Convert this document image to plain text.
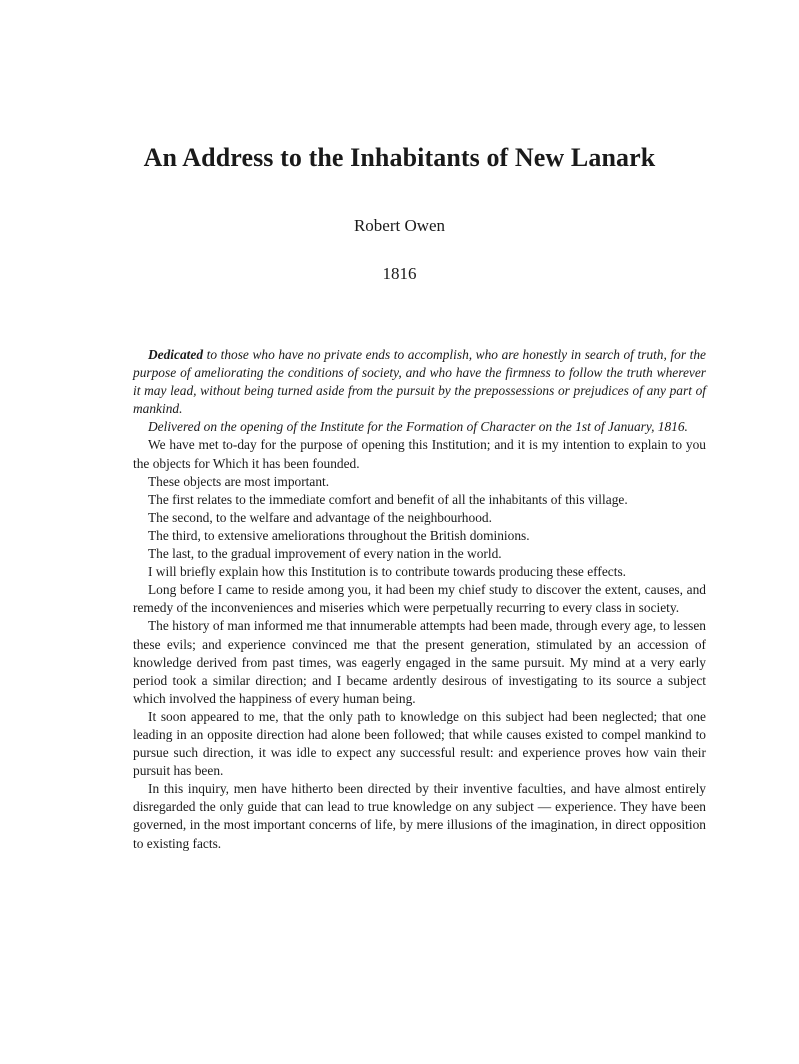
An Address to the Inhabitants of New Lanark
Robert Owen
1816

Dedicated to those who have no private ends to accomplish, who are honestly in search of truth, for the purpose of ameliorating the conditions of society, and who have the firmness to follow the truth wherever it may lead, without being turned aside from the pursuit by the prepossessions or prejudices of any part of mankind.

Delivered on the opening of the Institute for the Formation of Character on the 1st of January, 1816.

We have met to-day for the purpose of opening this Institution; and it is my intention to explain to you the objects for Which it has been founded.

These objects are most important.

The first relates to the immediate comfort and benefit of all the inhabitants of this village.

The second, to the welfare and advantage of the neighbourhood.

The third, to extensive ameliorations throughout the British dominions.

The last, to the gradual improvement of every nation in the world.

I will briefly explain how this Institution is to contribute towards producing these effects.

Long before I came to reside among you, it had been my chief study to discover the extent, causes, and remedy of the inconveniences and miseries which were perpetually recurring to every class in society.

The history of man informed me that innumerable attempts had been made, through every age, to lessen these evils; and experience convinced me that the present generation, stimulated by an accession of knowledge derived from past times, was eagerly engaged in the same pursuit. My mind at a very early period took a similar direction; and I became ardently desirous of investigating to its source a subject which involved the happiness of every human being.

It soon appeared to me, that the only path to knowledge on this subject had been neglected; that one leading in an opposite direction had alone been followed; that while causes existed to compel mankind to pursue such direction, it was idle to expect any successful result: and experience proves how vain their pursuit has been.

In this inquiry, men have hitherto been directed by their inventive faculties, and have almost entirely disregarded the only guide that can lead to true knowledge on any subject — experience. They have been governed, in the most important concerns of life, by mere illusions of the imagination, in direct opposition to existing facts.
